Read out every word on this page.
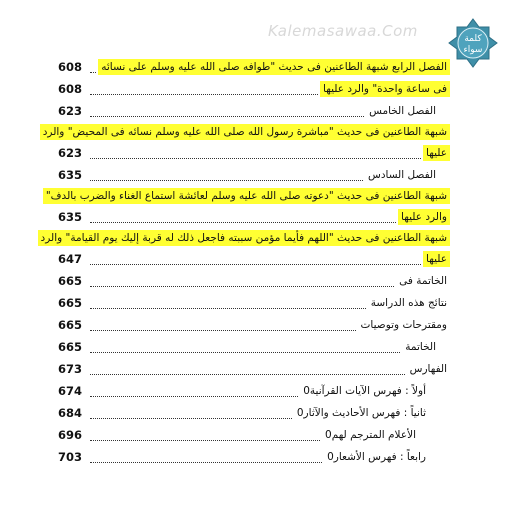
Kalemasawaa.Com	كلمة
سواء
الفصل الرابع شبهة الطاعنين فى حديث "طوافه صلى الله عليه وسلم على نسائه
608
فى ساعة واحدة" والرد عليها
608
الفصل الخامس
623
شبهة الطاعنين فى حديث "مباشرة رسول الله صلى الله عليه وسلم نسائه فى المحيض" والرد
عليها
623
الفصل السادس
635
شبهة الطاعنين فى حديث "دعوته صلى الله عليه وسلم لعائشة استماع الغناء والضرب بالدف"
والرد عليها
635
شبهة الطاعنين فى حديث "اللهم فأيما مؤمن سببته فاجعل ذلك له قربة إليك يوم القيامة" والرد
عليها
647
الخاتمة فى
665
نتائج هذه الدراسة
665
ومقترحات وتوصيات
665
الخاتمة
665
الفهارس
673
أولاً : فهرس الآيات القرآنية0
674
ثانياً : فهرس الأحاديث والآثار0
684
الأعلام المترجم لهم0
696
رابعاً : فهرس الأشعار0
703
